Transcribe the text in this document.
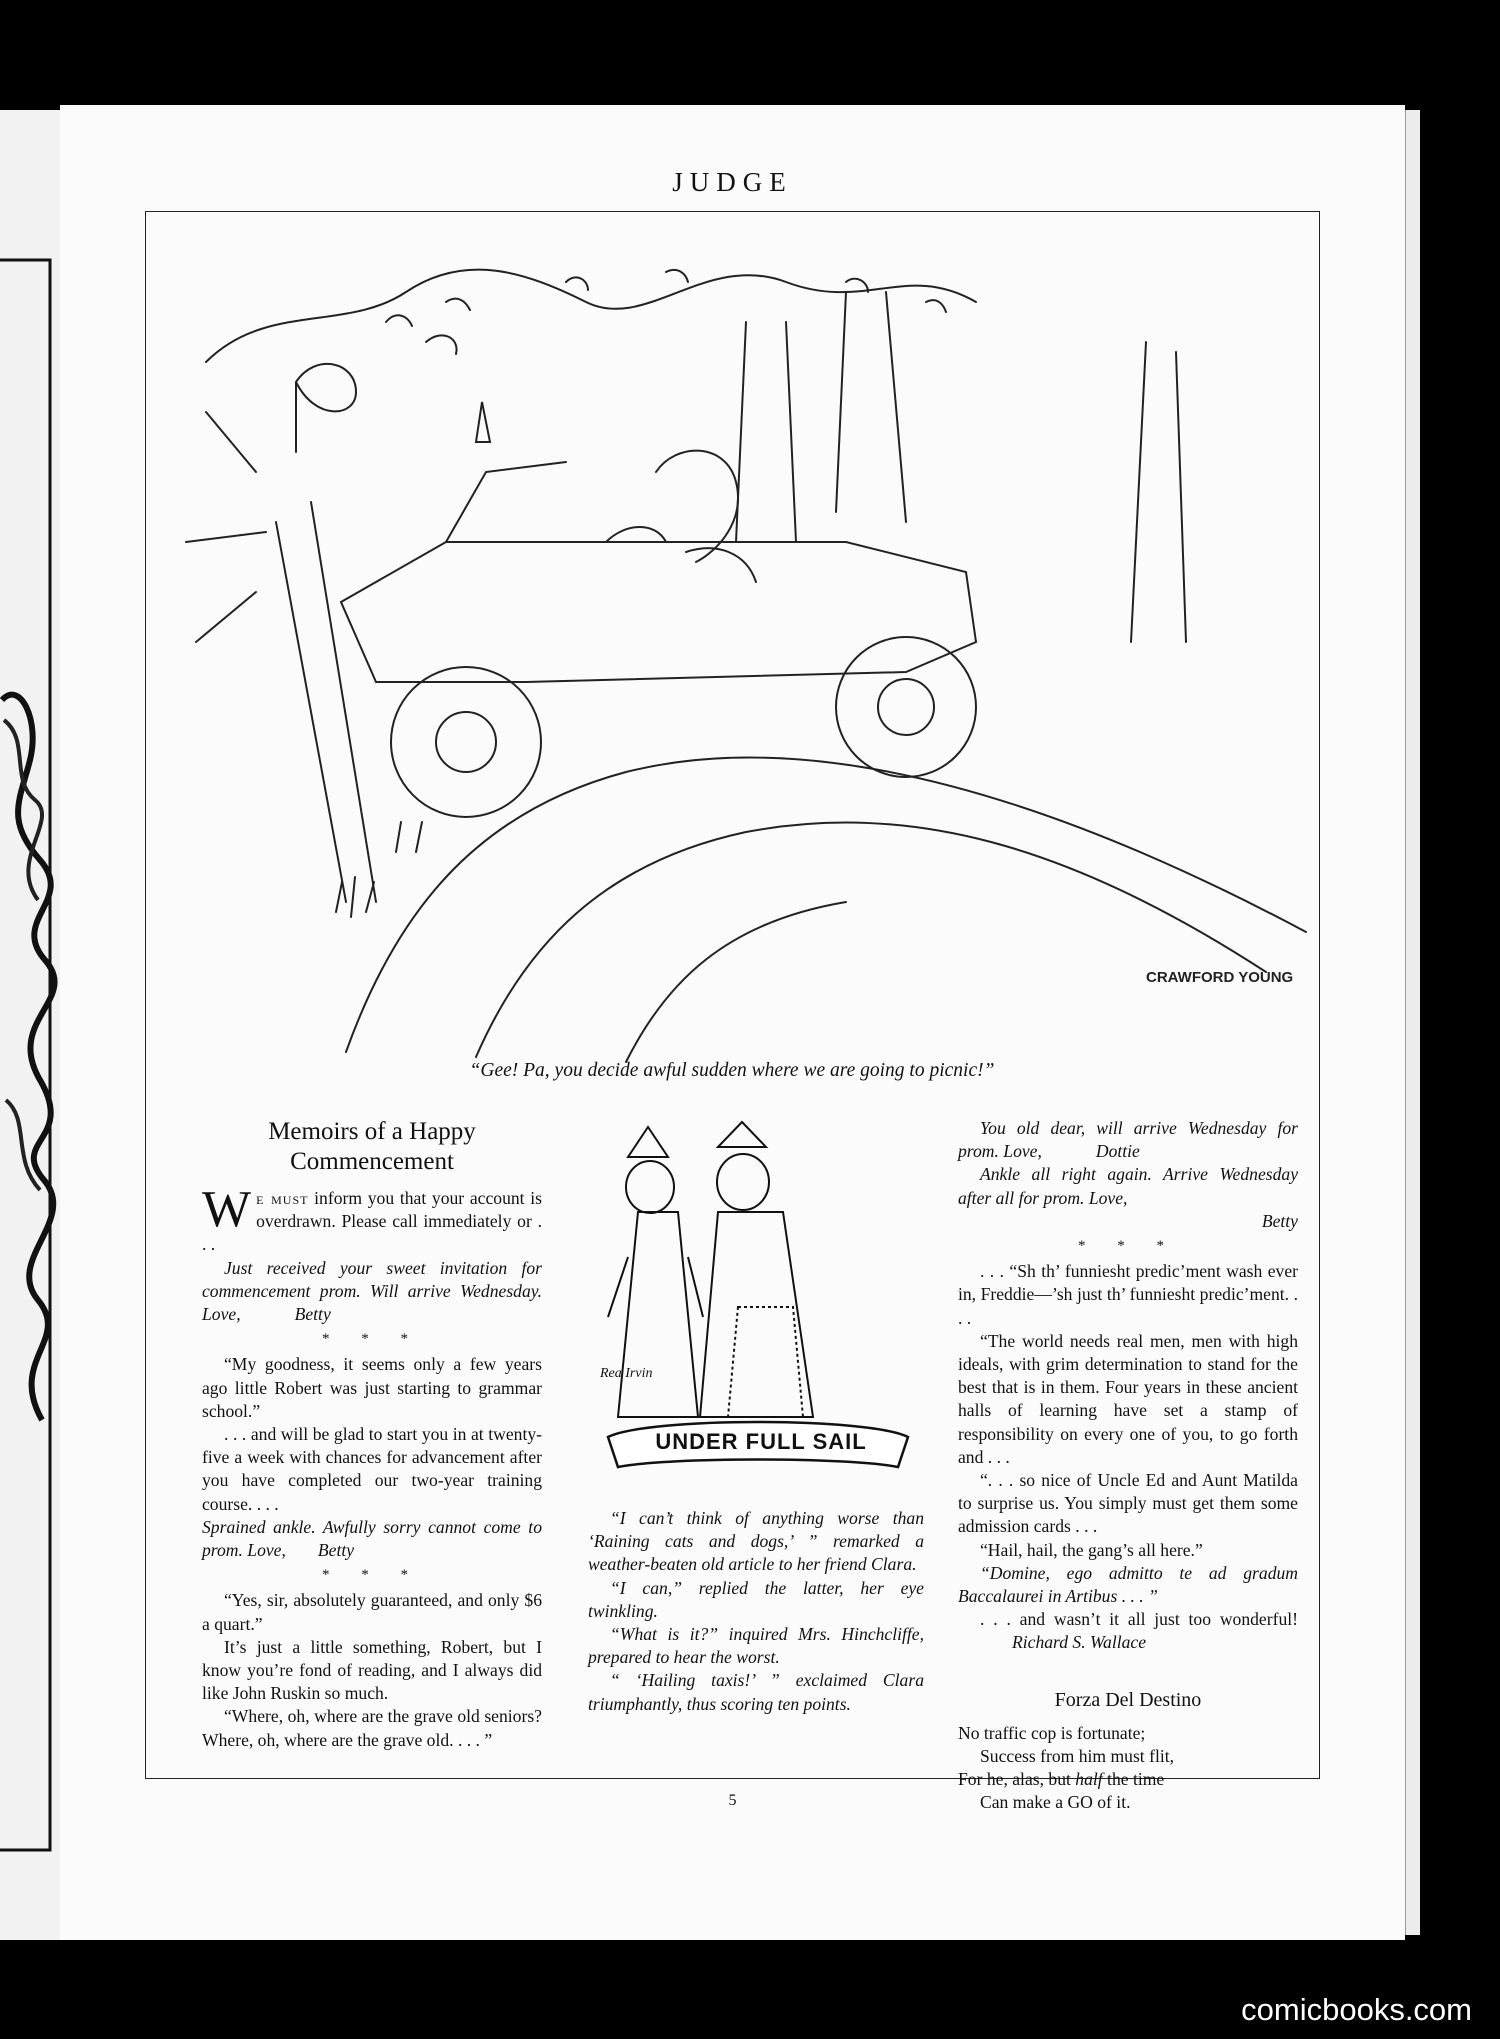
JUDGE
CRAWFORD YOUNG
“Gee! Pa, you decide awful sudden where we are going to picnic!”
Memoirs of a Happy Commencement

We must inform you that your account is overdrawn. Please call immediately or . . .

Just received your sweet invitation for commencement prom. Will arrive Wednesday. Love,	Betty

* * *

“My goodness, it seems only a few years ago little Robert was just starting to grammar school.”

. . . and will be glad to start you in at twenty-five a week with chances for advancement after you have completed our two-year training course. . . .

Sprained ankle. Awfully sorry cannot come to prom. Love, Betty

* * *

“Yes, sir, absolutely guaranteed, and only $6 a quart.”

It’s just a little something, Robert, but I know you’re fond of reading, and I always did like John Ruskin so much.

“Where, oh, where are the grave old seniors? Where, oh, where are the grave old. . . . ”

Rea Irvin
UNDER FULL SAIL

“I can’t think of anything worse than ‘Raining cats and dogs,’ ” remarked a weather-beaten old article to her friend Clara.

“I can,” replied the latter, her eye twinkling.

“What is it?” inquired Mrs. Hinchcliffe, prepared to hear the worst.

“ ‘Hailing taxis!’ ” exclaimed Clara triumphantly, thus scoring ten points.

You old dear, will arrive Wednesday for prom. Love,	Dottie

Ankle all right again. Arrive Wednesday after all for prom. Love,

Betty

* * *

. . . “Sh th’ funniesht predic’ment wash ever in, Freddie—’sh just th’ funniesht predic’ment. . . .

“The world needs real men, men with high ideals, with grim determination to stand for the best that is in them. Four years in these ancient halls of learning have set a stamp of responsibility on every one of you, to go forth and . . .

“. . . so nice of Uncle Ed and Aunt Matilda to surprise us. You simply must get them some admission cards . . .

“Hail, hail, the gang’s all here.”

“Domine, ego admitto te ad gradum Baccalaurei in Artibus . . . ”

. . . and wasn’t it all just too wonderful!Richard S. Wallace

Forza Del Destino

No traffic cop is fortunate;

Success from him must flit,

For he, alas, but half the time

Can make a GO of it.

5
comicbooks.com
